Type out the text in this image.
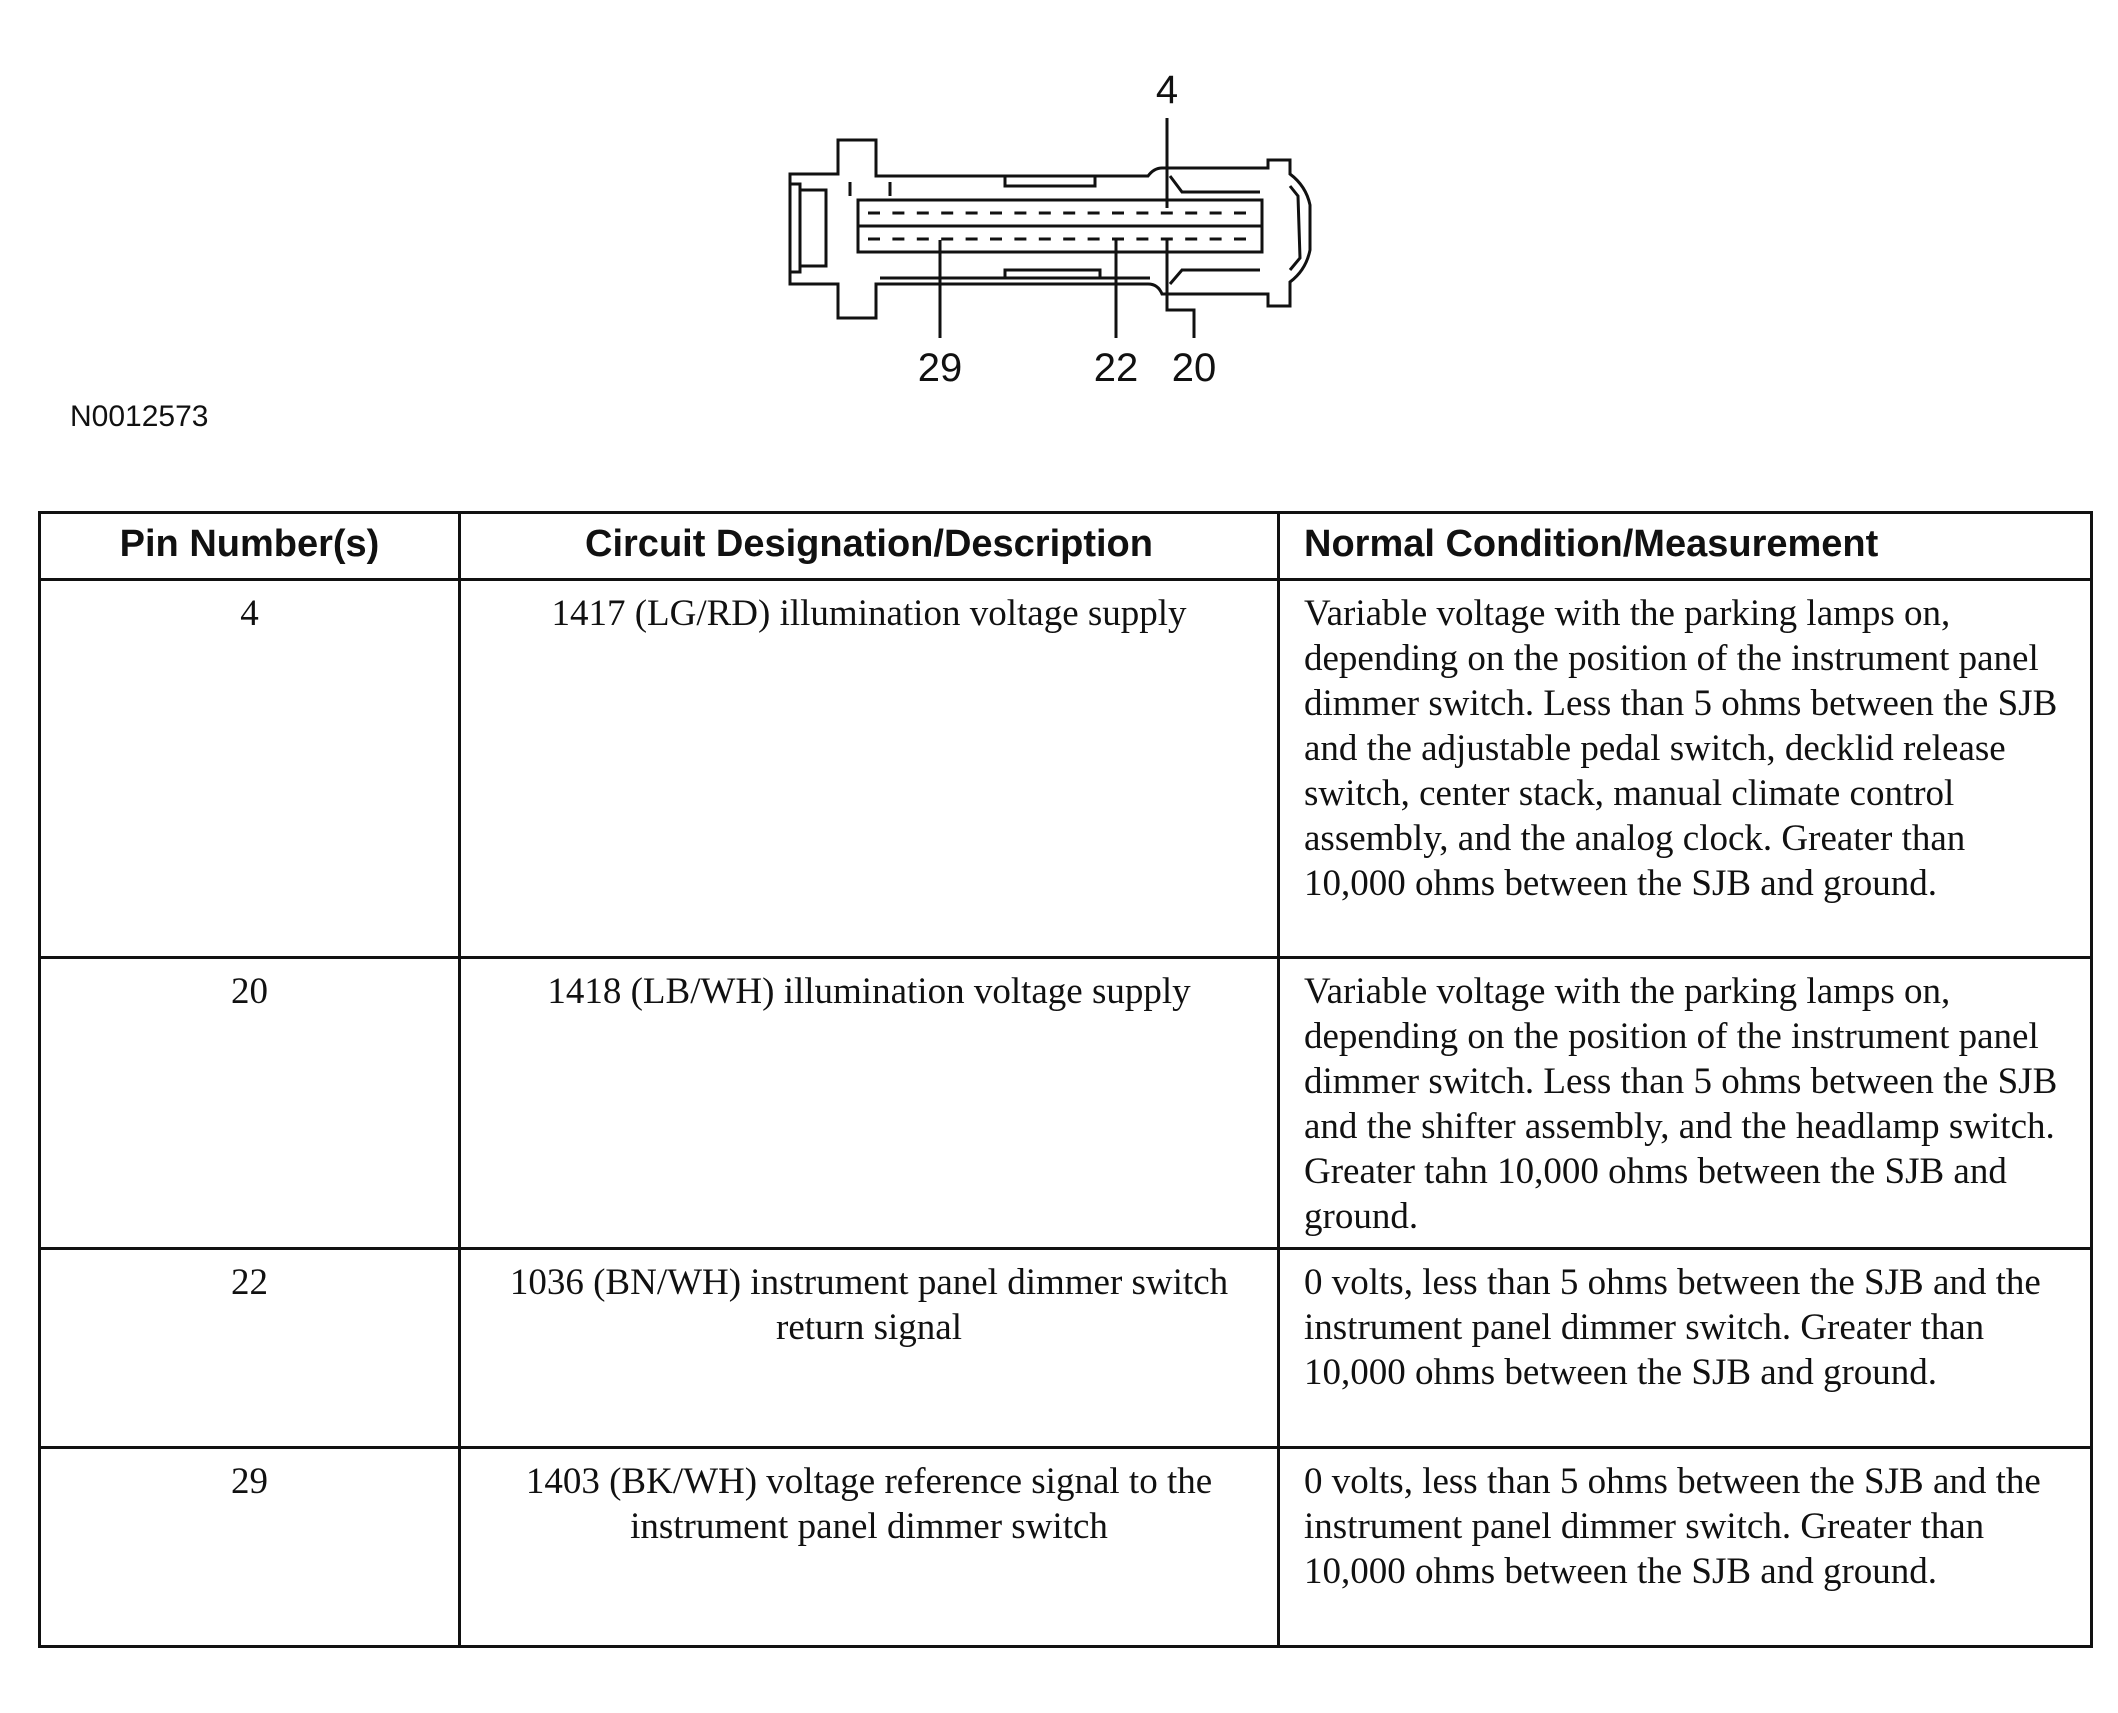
4
29	22 20
N0012573
Pin Number(s)	Circuit Designation/Description	Normal Condition/Measurement
4	1417 (LG/RD) illumination voltage supply	Variable voltage with the parking lamps on, depending on the position of the instrument panel dimmer switch. Less than 5 ohms between the SJB and the adjustable pedal switch, decklid release switch, center stack, manual climate control assembly, and the analog clock. Greater than 10,000 ohms between the SJB and ground.
20	1418 (LB/WH) illumination voltage supply	Variable voltage with the parking lamps on, depending on the position of the instrument panel dimmer switch. Less than 5 ohms between the SJB and the shifter assembly, and the headlamp switch. Greater tahn 10,000 ohms between the SJB and ground.
22	1036 (BN/WH) instrument panel dimmer switch return signal	0 volts, less than 5 ohms between the SJB and the instrument panel dimmer switch. Greater than 10,000 ohms between the SJB and ground.
29	1403 (BK/WH) voltage reference signal to the instrument panel dimmer switch	0 volts, less than 5 ohms between the SJB and the instrument panel dimmer switch. Greater than 10,000 ohms between the SJB and ground.
